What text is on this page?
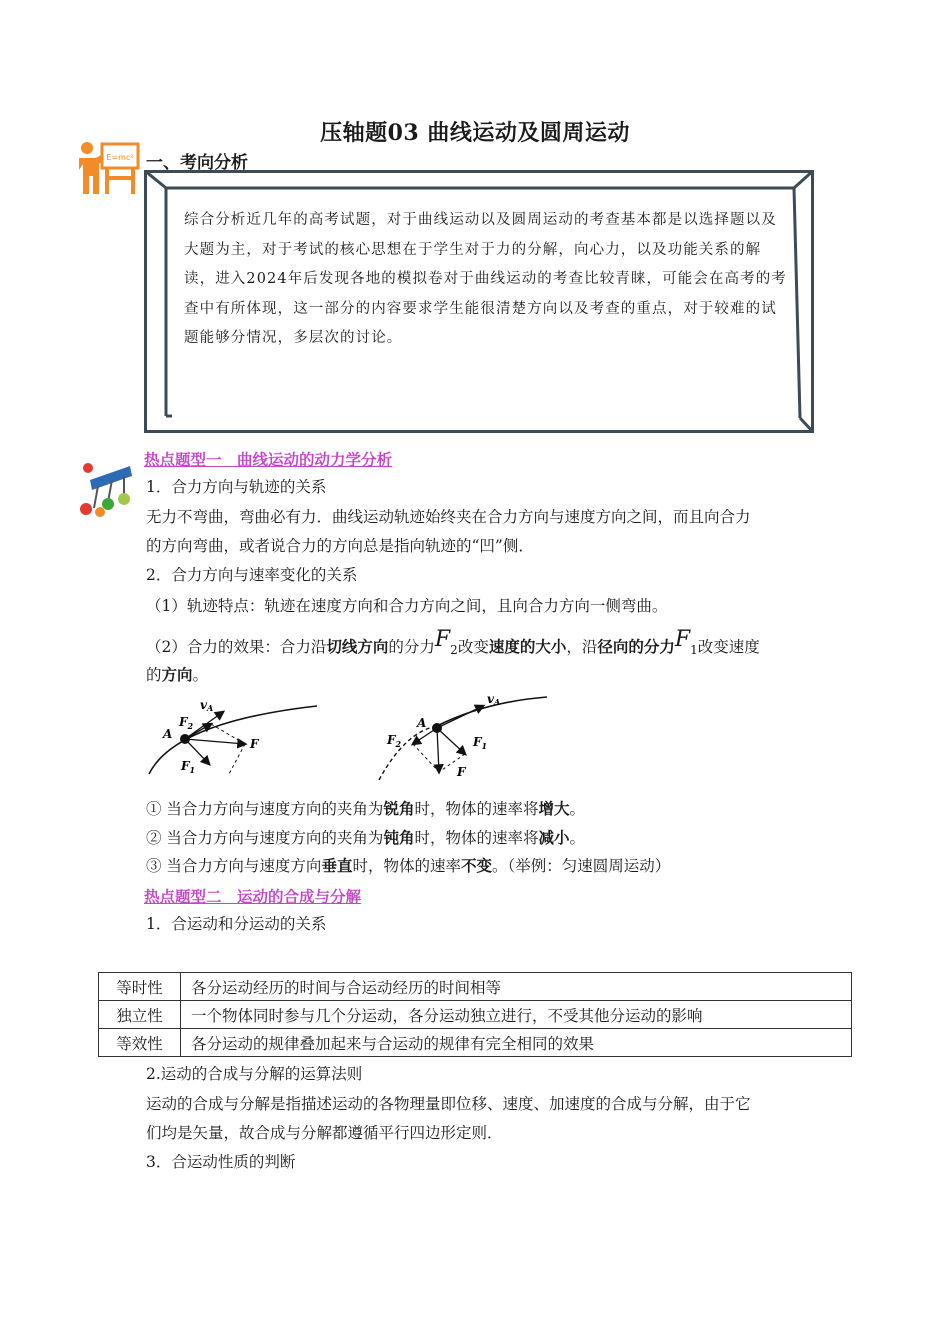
压轴题03 曲线运动及圆周运动
E=mc² 一、考向分析
综合分析近几年的高考试题，对于曲线运动以及圆周运动的考查基本都是以选择题以及大题为主，对于考试的核心思想在于学生对于力的分解，向心力，以及功能关系的解读，进入2024年后发现各地的模拟卷对于曲线运动的考查比较青睐，可能会在高考的考查中有所体现，这一部分的内容要求学生能很清楚方向以及考查的重点，对于较难的试题能够分情况，多层次的讨论。
热点题型一　曲线运动的动力学分析
1．合力方向与轨迹的关系
无力不弯曲，弯曲必有力．曲线运动轨迹始终夹在合力方向与速度方向之间，而且向合力
的方向弯曲，或者说合力的方向总是指向轨迹的“凹”侧．
2．合力方向与速率变化的关系
（1）轨迹特点：轨迹在速度方向和合力方向之间，且向合力方向一侧弯曲。
（2）合力的效果：合力沿切线方向的分力F2改变速度的大小，沿径向的分力F1改变速度
的方向。
vA
$F_2$
A
F
$F_1$
vA
A
$F_2$	$F_1$
F
① 当合力方向与速度方向的夹角为锐角时，物体的速率将增大。
② 当合力方向与速度方向的夹角为钝角时，物体的速率将减小。
③ 当合力方向与速度方向垂直时，物体的速率不变。（举例：匀速圆周运动）
热点题型二　运动的合成与分解
1．合运动和分运动的关系
等时性	各分运动经历的时间与合运动经历的时间相等
独立性	一个物体同时参与几个分运动，各分运动独立进行，不受其他分运动的影响
等效性	各分运动的规律叠加起来与合运动的规律有完全相同的效果
2.运动的合成与分解的运算法则
运动的合成与分解是指描述运动的各物理量即位移、速度、加速度的合成与分解，由于它
们均是矢量，故合成与分解都遵循平行四边形定则．
3．合运动性质的判断
